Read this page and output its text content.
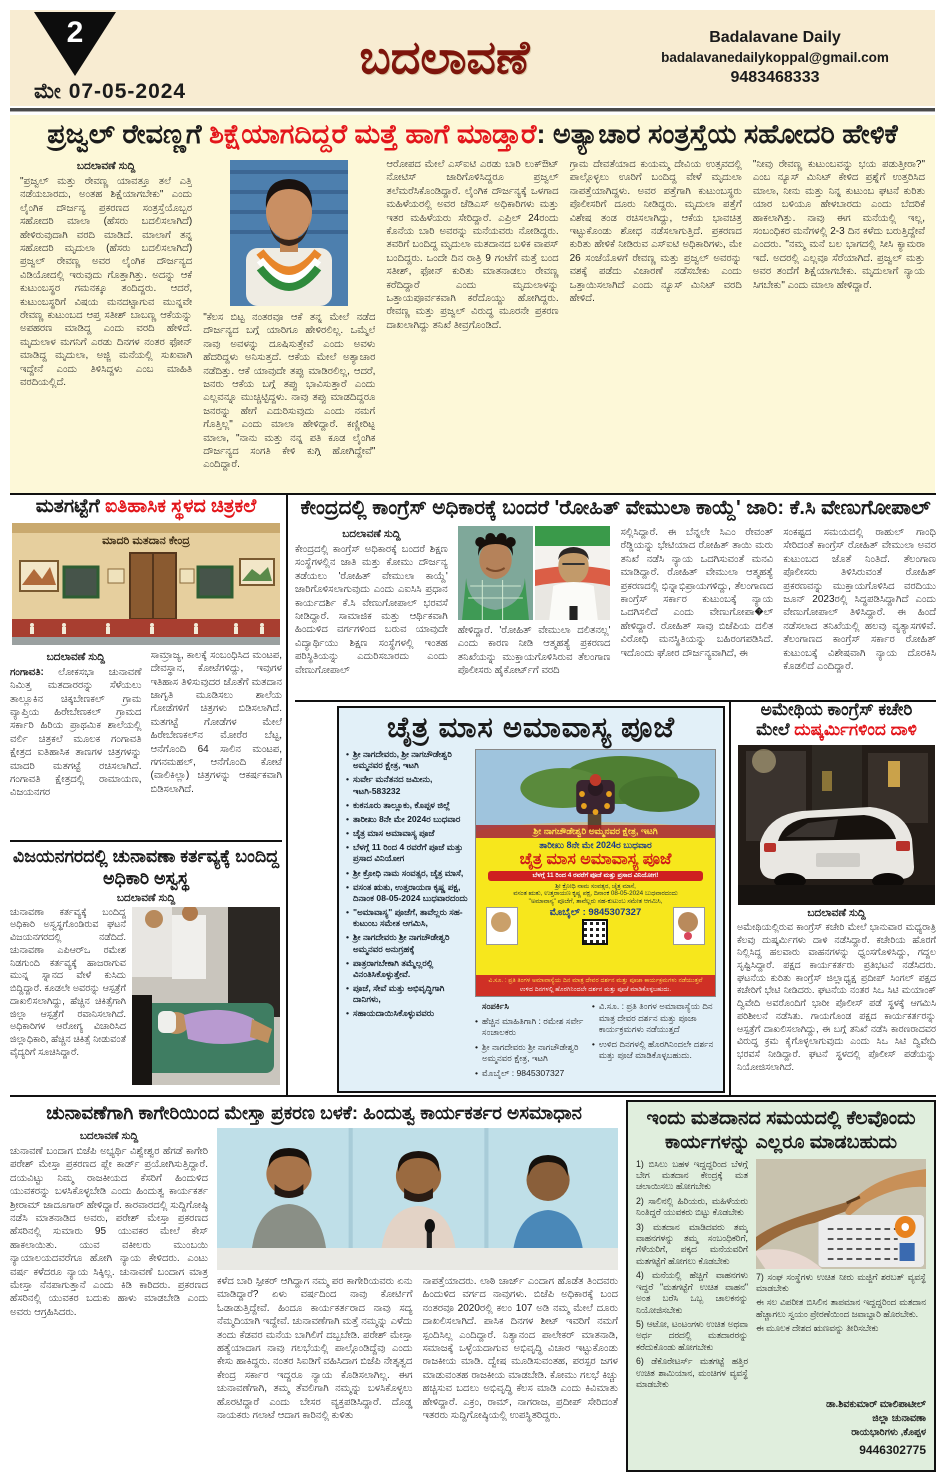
2
ಮೇ 07-05-2024
ಬದಲಾವಣೆ	Badalavane Daily
badalavanedailykoppal@gmail.com
9483468333
ಪ್ರಜ್ವಲ್ ರೇವಣ್ಣಗೆ ಶಿಕ್ಷೆಯಾಗದಿದ್ದರೆ ಮತ್ತೆ ಹಾಗೆ ಮಾಡ್ತಾರೆ: ಅತ್ಯಾಚಾರ ಸಂತ್ರಸ್ತೆಯ ಸಹೋದರಿ ಹೇಳಿಕೆ
ಬದಲಾವಣೆ ಸುದ್ದಿ
"ಪ್ರಜ್ವಲ್ ಮತ್ತು ರೇವಣ್ಣ ಯಾವತ್ತೂ ತಲೆ ಎತ್ತಿ ನಡೆಯಬಾರದು, ಅಂತಹ ಶಿಕ್ಷೆಯಾಗಬೇಕು" ಎಂದು ಲೈಂಗಿಕ ದೌರ್ಜನ್ಯ ಪ್ರಕರಣದ ಸಂತ್ರಸ್ತೆಯೊಬ್ಬರ ಸಹೋದರಿ ಮಾಲಾ (ಹೆಸರು ಬದಲಿಸಲಾಗಿದೆ) ಹೇಳಿರುವುದಾಗಿ ವರದಿ ಮಾಡಿದೆ. ಮಾಲಾಗೆ ತನ್ನ ಸಹೋದರಿ ಮೃದುಲಾ (ಹೆಸರು ಬದಲಿಸಲಾಗಿದೆ) ಪ್ರಜ್ವಲ್ ರೇವಣ್ಣ ಅವರ ಲೈಂಗಿಕ ದೌರ್ಜನ್ಯದ ವಿಡಿಯೋದಲ್ಲಿ ಇರುವುದು ಗೊತ್ತಾಗಿತ್ತು. ಅದನ್ನು ಆಕೆ ಕುಟುಂಬಸ್ಥರ ಗಮನಕ್ಕೂ ತಂದಿದ್ದರು. ಆದರೆ, ಕುಟುಂಬಸ್ಥರಿಗೆ ವಿಷಯ ಮನದಟ್ಟಾಗುವ ಮುನ್ನವೇ ರೇವಣ್ಣ ಕುಟುಂಬದ ಆಪ್ತ ಸತೀಶ್ ಬಾಬಣ್ಣ ಆಕೆಯನ್ನು ಅಪಹರಣ ಮಾಡಿದ್ದ ಎಂದು ವರದಿ ಹೇಳಿದೆ. ಮೃದುಲಾಳ ಮಗನಿಗೆ ಎರಡು ದಿನಗಳ ನಂತರ ಫೋನ್ ಮಾಡಿದ್ದ ಮೃದುಲಾ, ಅಜ್ಜಿ ಮನೆಯಲ್ಲಿ ಸುಖವಾಗಿ ಇದ್ದೇನೆ ಎಂದು ತಿಳಿಸಿದ್ದಳು ಎಂಬ ಮಾಹಿತಿ ವರದಿಯಲ್ಲಿದೆ.
"ಕೆಲಸ ಬಿಟ್ಟ ನಂತರವೂ ಆಕೆ ತನ್ನ ಮೇಲೆ ನಡೆದ ದೌರ್ಜನ್ಯದ ಬಗ್ಗೆ ಯಾರಿಗೂ ಹೇಳಿರಲಿಲ್ಲ. ಒಮ್ಮೆಲೆ ನಾವು ಅವಳನ್ನು ದೂಷಿಸುತ್ತೇವೆ ಎಂದು ಅವಳು ಹೆದರಿದ್ದಳು ಅನಿಸುತ್ತದೆ. ಆಕೆಯ ಮೇಲೆ ಅತ್ಯಾಚಾರ ನಡೆದಿತ್ತು. ಆಕೆ ಯಾವುದೇ ತಪ್ಪು ಮಾಡಿರಲಿಲ್ಲ, ಆದರೆ, ಜನರು ಆಕೆಯ ಬಗ್ಗೆ ತಪ್ಪು ಭಾವಿಸುತ್ತಾರೆ ಎಂದು ಎಲ್ಲವನ್ನೂ ಮುಚ್ಚಿಟ್ಟಿದ್ದಳು. ನಾವು ತಪ್ಪು ಮಾಡದಿದ್ದರೂ ಜನರನ್ನು ಹೇಗೆ ಎದುರಿಸುವುದು ಎಂದು ನಮಗೆ ಗೊತ್ತಿಲ್ಲ" ಎಂದು ಮಾಲಾ ಹೇಳಿದ್ದಾರೆ. ಕಣ್ಣೀರಿಟ್ಟ ಮಾಲಾ, "ನಾನು ಮತ್ತು ನನ್ನ ಪತಿ ಕೂಡ ಲೈಂಗಿಕ ದೌರ್ಜನ್ಯದ ಸಂಗತಿ ಕೇಳಿ ಕುಗ್ಗಿ ಹೋಗಿದ್ದೇವೆ" ಎಂದಿದ್ದಾರೆ.
ಆರೋಪದ ಮೇಲೆ ಎಸ್‌ಐಟಿ ಎರಡು ಬಾರಿ ಲುಕ್‌ಔಟ್ ನೋಟಿಸ್ ಜಾರಿಗೊಳಿಸಿದ್ದರೂ ಪ್ರಜ್ವಲ್ ತಲೆಮರೆಸಿಕೊಂಡಿದ್ದಾರೆ. ಲೈಂಗಿಕ ದೌರ್ಜನ್ಯಕ್ಕೆ ಒಳಗಾದ ಮಹಿಳೆಯರಲ್ಲಿ ಅವರ ಜೆಡಿಎಸ್ ಅಧಿಕಾರಿಗಳು ಮತ್ತು ಇತರ ಮಹಿಳೆಯರು ಸೇರಿದ್ದಾರೆ. ಎಪ್ರಿಲ್ 24ರಂದು ಕೊನೆಯ ಬಾರಿ ಅವರನ್ನು ಮನೆಯವರು ನೋಡಿದ್ದರು. ತವರಿಗೆ ಬಂದಿದ್ದ ಮೃದುಲಾ ಮತದಾನದ ಬಳಿಕ ವಾಪಸ್ ಬಂದಿದ್ದರು. ಒಂದೇ ದಿನ ರಾತ್ರಿ 9 ಗಂಟೆಗೆ ಮತ್ತೆ ಬಂದ ಸತೀಶ್, ಫೋನ್ ಕುರಿತು ಮಾತನಾಡಲು ರೇವಣ್ಣ ಕರೆದಿದ್ದಾರೆ ಎಂದು ಮೃದುಲಾಳನ್ನು ಒತ್ತಾಯಪೂರ್ವಕವಾಗಿ ಕರೆದೊಯ್ದು ಹೋಗಿದ್ದರು. ರೇವಣ್ಣ ಮತ್ತು ಪ್ರಜ್ವಲ್ ವಿರುದ್ಧ ಮೂರನೇ ಪ್ರಕರಣ ದಾಖಲಾಗಿದ್ದು ತನಿಖೆ ತೀವ್ರಗೊಂಡಿದೆ.
ಗ್ರಾಮ ದೇವತೆಯಾದ ಕುಯಮ್ಮ ದೇವಿಯ ಉತ್ಸವದಲ್ಲಿ ಪಾಲ್ಗೊಳ್ಳಲು ಊರಿಗೆ ಬಂದಿದ್ದ ವೇಳೆ ಮೃದುಲಾ ನಾಪತ್ತೆಯಾಗಿದ್ದಳು. ಅವರ ಪತ್ತೆಗಾಗಿ ಕುಟುಂಬಸ್ಥರು ಪೊಲೀಸರಿಗೆ ದೂರು ನೀಡಿದ್ದರು. ಮೃದುಲಾ ಪತ್ತೆಗೆ ವಿಶೇಷ ತಂಡ ರಚಿಸಲಾಗಿದ್ದು, ಆಕೆಯ ಭಾವಚಿತ್ರ ಇಟ್ಟುಕೊಂಡು ಶೋಧ ನಡೆಸಲಾಗುತ್ತಿದೆ. ಪ್ರಕರಣದ ಕುರಿತು ಹೇಳಿಕೆ ನೀಡಿರುವ ಎಸ್‌ಐಟಿ ಅಧಿಕಾರಿಗಳು, ಮೇ 26 ಸಂಜೆಯೊಳಗೆ ರೇವಣ್ಣ ಮತ್ತು ಪ್ರಜ್ವಲ್ ಅವರನ್ನು ವಶಕ್ಕೆ ಪಡೆದು ವಿಚಾರಣೆ ನಡೆಸಬೇಕು ಎಂದು ಒತ್ತಾಯಿಸಲಾಗಿದೆ ಎಂದು ನ್ಯೂಸ್ ಮಿನಿಟ್ ವರದಿ ಹೇಳಿದೆ.
"ನೀವು ರೇವಣ್ಣ ಕುಟುಂಬವನ್ನು ಭಯ ಪಡುತ್ತೀರಾ?" ಎಂಬ ನ್ಯೂಸ್ ಮಿನಿಟ್ ಕೇಳಿದ ಪ್ರಶ್ನೆಗೆ ಉತ್ತರಿಸಿದ ಮಾಲಾ, ನೀನು ಮತ್ತು ನಿನ್ನ ಕುಟುಂಬ ಘಟನೆ ಕುರಿತು ಯಾರ ಬಳಿಯೂ ಹೇಳಬಾರದು ಎಂದು ಬೆದರಿಕೆ ಹಾಕಲಾಗಿತ್ತು. ನಾವು ಈಗ ಮನೆಯಲ್ಲಿ ಇಲ್ಲ, ಸಂಬಂಧಿಕರ ಮನೆಗಳಲ್ಲಿ 2-3 ದಿನ ಕಳೆದು ಬರುತ್ತಿದ್ದೇವೆ ಎಂದರು. "ನಮ್ಮ ಮನೆ ಬಲ ಭಾಗದಲ್ಲಿ ಸೀಸಿ ಕ್ಯಾಮರಾ ಇದೆ. ಅದರಲ್ಲಿ ಎಲ್ಲವೂ ಸೆರೆಯಾಗಿದೆ. ಪ್ರಜ್ವಲ್ ಮತ್ತು ಅವರ ತಂದೆಗೆ ಶಿಕ್ಷೆಯಾಗಬೇಕು. ಮೃದುಲಾಗೆ ನ್ಯಾಯ ಸಿಗಬೇಕು" ಎಂದು ಮಾಲಾ ಹೇಳಿದ್ದಾರೆ.
ಮತಗಟ್ಟೆಗೆ ಐತಿಹಾಸಿಕ ಸ್ಥಳದ ಚಿತ್ರಕಲೆ
ಮಾದರಿ ಮತದಾನ ಕೇಂದ್ರ
ಬದಲಾವಣೆ ಸುದ್ದಿ
ಗಂಗಾವತಿ: ಲೋಕಸಭಾ ಚುನಾವಣೆ ನಿಮಿತ್ತ ಮತದಾರರನ್ನು ಸೆಳೆಯಲು ತಾಲ್ಲೂಕಿನ ಚಿಕ್ಕಬೇಣಕಲ್ ಗ್ರಾಮ ವ್ಯಾಪ್ತಿಯ ಹಿರೇಬೇಣಕಲ್ ಗ್ರಾಮದ ಸರ್ಕಾರಿ ಹಿರಿಯ ಪ್ರಾಥಮಿಕ ಶಾಲೆಯಲ್ಲಿ ವರ್ಲಿ ಚಿತ್ರಕಲೆ ಮೂಲಕ ಗಂಗಾವತಿ ಕ್ಷೇತ್ರದ ಐತಿಹಾಸಿಕ ತಾಣಗಳ ಚಿತ್ರಗಳನ್ನು ಮಾದರಿ ಮತಗಟ್ಟೆ ರಚಿಸಲಾಗಿದೆ. ಗಂಗಾವತಿ ಕ್ಷೇತ್ರದಲ್ಲಿ ರಾಮಾಯಣ, ವಿಜಯನಗರ
ಸಾಮ್ರಾಜ್ಯ, ಕಾಲಕ್ಕೆ ಸಂಬಂಧಿಸಿದ ಮಂಟಪ, ದೇವಸ್ಥಾನ, ಕೋಟೆಗಳಿದ್ದು, ಇವುಗಳ ಇತಿಹಾಸ ತಿಳಿಸುವುದರ ಜೊತೆಗೆ ಮತದಾನ ಜಾಗೃತಿ ಮೂಡಿಸಲು ಶಾಲೆಯ ಗೋಡೆಗಳಿಗೆ ಚಿತ್ರಗಳು ಬಿಡಿಸಲಾಗಿದೆ. ಮತಗಟ್ಟೆ ಗೋಡೆಗಳ ಮೇಲೆ ಹಿರೇಬೇಣಕಲ್‌ನ ಮೋರೆರ ಬೆಟ್ಟ, ಆನೆಗೊಂದಿ 64 ಸಾಲಿನ ಮಂಟಪ, ಗಗನಮಹಲ್, ಆನೆಗೊಂದಿ ಕೋಟೆ (ವಾಲಿಕಿಲ್ಲಾ) ಚಿತ್ರಗಳನ್ನು ಆಕರ್ಷಕವಾಗಿ ಬಿಡಿಸಲಾಗಿದೆ.
ವಿಜಯನಗರದಲ್ಲಿ ಚುನಾವಣಾ ಕರ್ತವ್ಯಕ್ಕೆ ಬಂದಿದ್ದ ಅಧಿಕಾರಿ ಅಸ್ವಸ್ಥ
ಬದಲಾವಣೆ ಸುದ್ದಿ
ಚುನಾವಣಾ ಕರ್ತವ್ಯಕ್ಕೆ ಬಂದಿದ್ದ ಅಧಿಕಾರಿ ಅಸ್ವಸ್ಥಗೊಂಡಿರುವ ಘಟನೆ ವಿಜಯನಗರದಲ್ಲಿ ನಡೆದಿದೆ. ಚುನಾವಣಾ ಎಪಿಆರ್‌ಒ ರಮೇಶ ನಿಡಗುಂದಿ ಕರ್ತವ್ಯಕ್ಕೆ ಹಾಜರಾಗುವ ಮುನ್ನ ಸ್ನಾನದ ವೇಳೆ ಕುಸಿದು ಬಿದ್ದಿದ್ದಾರೆ. ಕೂಡಲೇ ಅವರನ್ನು ಆಸ್ಪತ್ರೆಗೆ ದಾಖಲಿಸಲಾಗಿದ್ದು, ಹೆಚ್ಚಿನ ಚಿಕಿತ್ಸೆಗಾಗಿ ಜಿಲ್ಲಾ ಆಸ್ಪತ್ರೆಗೆ ರವಾನಿಸಲಾಗಿದೆ. ಅಧಿಕಾರಿಗಳ ಆರೋಗ್ಯ ವಿಚಾರಿಸಿದ ಜಿಲ್ಲಾಧಿಕಾರಿ, ಹೆಚ್ಚಿನ ಚಿಕಿತ್ಸೆ ನೀಡುವಂತೆ ವೈದ್ಯರಿಗೆ ಸೂಚಿಸಿದ್ದಾರೆ.
ಕೇಂದ್ರದಲ್ಲಿ ಕಾಂಗ್ರೆಸ್ ಅಧಿಕಾರಕ್ಕೆ ಬಂದರೆ 'ರೋಹಿತ್ ವೇಮುಲಾ ಕಾಯ್ದೆ' ಜಾರಿ: ಕೆ.ಸಿ ವೇಣುಗೋಪಾಲ್
ಬದಲಾವಣೆ ಸುದ್ದಿ
ಕೇಂದ್ರದಲ್ಲಿ ಕಾಂಗ್ರೆಸ್ ಅಧಿಕಾರಕ್ಕೆ ಬಂದರೆ ಶಿಕ್ಷಣ ಸಂಸ್ಥೆಗಳಲ್ಲಿನ ಜಾತಿ ಮತ್ತು ಕೋಮು ದೌರ್ಜನ್ಯ ತಡೆಯಲು 'ರೋಹಿತ್ ವೇಮುಲಾ ಕಾಯ್ದೆ' ಜಾರಿಗೊಳಿಸಲಾಗುವುದು ಎಂದು ಎಐಸಿಸಿ ಪ್ರಧಾನ ಕಾರ್ಯದರ್ಶಿ ಕೆ.ಸಿ ವೇಣುಗೋಪಾಲ್ ಭರವಸೆ ನೀಡಿದ್ದಾರೆ. ಸಾಮಾಜಿಕ ಮತ್ತು ಆರ್ಥಿಕವಾಗಿ ಹಿಂದುಳಿದ ವರ್ಗಗಳಿಂದ ಬರುವ ಯಾವುದೇ ವಿದ್ಯಾರ್ಥಿಯು ಶಿಕ್ಷಣ ಸಂಸ್ಥೆಗಳಲ್ಲಿ ಇಂತಹ ಪರಿಸ್ಥಿತಿಯನ್ನು ಎದುರಿಸಬಾರದು ಎಂದು ವೇಣುಗೋಪಾಲ್
ಹೇಳಿದ್ದಾರೆ. 'ರೋಹಿತ್ ವೇಮುಲಾ ದಲಿತನಲ್ಲ' ಎಂದು ಕಾರಣ ನೀಡಿ ಆತ್ಮಹತ್ಯೆ ಪ್ರಕರಣದ ತನಿಖೆಯನ್ನು ಮುಕ್ತಾಯಗೊಳಿಸಿರುವ ತೆಲಂಗಾಣ ಪೊಲೀಸರು ಹೈಕೋರ್ಟ್‌ಗೆ ವರದಿ
ಸಲ್ಲಿಸಿದ್ದಾರೆ. ಈ ಬೆನ್ನಲೇ ಸಿಎಂ ರೇವಂತ್ ರೆಡ್ಡಿಯನ್ನು ಭೇಟಿಯಾದ ರೋಹಿತ್ ತಾಯಿ ಮರು ತನಿಖೆ ನಡೆಸಿ ನ್ಯಾಯ ಒದಗಿಸುವಂತೆ ಮನವಿ ಮಾಡಿದ್ದಾರೆ. ರೋಹಿತ್ ವೇಮುಲಾ ಆತ್ಮಹತ್ಯೆ ಪ್ರಕರಣದಲ್ಲಿ ಭಿನ್ನಾಭಿಪ್ರಾಯಗಳಿದ್ದು, ತೆಲಂಗಾಣದ ಕಾಂಗ್ರೆಸ್ ಸರ್ಕಾರ ಕುಟುಂಬಕ್ಕೆ ನ್ಯಾಯ ಒದಗಿಸಲಿದೆ ಎಂದು ವೇಣುಗೋಪಾ�ಲ್ ಹೇಳಿದ್ದಾರೆ. ರೋಹಿತ್ ಸಾವು ಬಿಜೆಪಿಯ ದಲಿತ ವಿರೋಧಿ ಮನಸ್ಥಿತಿಯನ್ನು ಬಹಿರಂಗಪಡಿಸಿದೆ. ಇದೊಂದು ಘೋರ ದೌರ್ಜನ್ಯವಾಗಿದೆ, ಈ
ಸಂಕಷ್ಟದ ಸಮಯದಲ್ಲಿ ರಾಹುಲ್ ಗಾಂಧಿ ಸೇರಿದಂತೆ ಕಾಂಗ್ರೆಸ್ ರೋಹಿತ್ ವೇಮುಲಾ ಅವರ ಕುಟುಂಬದ ಜೊತೆ ನಿಂತಿದೆ. ತೆಲಂಗಾಣ ಪೊಲೀಸರು ತಿಳಿಸಿರುವಂತೆ ರೋಹಿತ್ ಪ್ರಕರಣವನ್ನು ಮುಕ್ತಾಯಗೊಳಿಸಿದ ವರದಿಯು ಜೂನ್ 2023ರಲ್ಲಿ ಸಿದ್ಧಪಡಿಸಿದ್ದಾಗಿದೆ ಎಂದು ವೇಣುಗೋಪಾಲ್ ತಿಳಿಸಿದ್ದಾರೆ. ಈ ಹಿಂದೆ ನಡೆಸಲಾದ ತನಿಖೆಯಲ್ಲಿ ಹಲವು ವ್ಯತ್ಯಾಸಗಳಿವೆ. ತೆಲಂಗಾಣದ ಕಾಂಗ್ರೆಸ್ ಸರ್ಕಾರ ರೋಹಿತ್ ಕುಟುಂಬಕ್ಕೆ ವಿಶೇಷವಾಗಿ ನ್ಯಾಯ ದೊರಕಿಸಿ ಕೊಡಲಿದೆ ಎಂದಿದ್ದಾರೆ.
ಚೈತ್ರ ಮಾಸ ಅಮಾವಾಸ್ಯ ಪೂಜೆ
• ಶ್ರೀ ನಾಗದೇವರು, ಶ್ರೀ ನಾಗಚೌಡೇಶ್ವರಿ ಅಮ್ಮನವರ ಕ್ಷೇತ್ರ, ಇಟಗಿ
• ಸುರ್ವೇ ಮನೆತನದ ಜಮೀನು, ಇಟಗಿ-583232
• ಕುಕನೂರು ತಾಲ್ಲೂಕು, ಕೊಪ್ಪಳ ಜಿಲ್ಲೆ
• ತಾರೀಖು 8ನೇ ಮೇ 2024ರ ಬುಧವಾರ
• ಚೈತ್ರ ಮಾಸ ಅಮಾವಾಸ್ಯ ಪೂಜೆ
• ಬೆಳಗ್ಗೆ 11 ರಿಂದ 4 ರವರೆಗೆ ಪೂಜೆ ಮತ್ತು ಪ್ರಸಾದ ವಿನಿಯೋಗ
• ಶ್ರೀ ಕ್ರೋಧಿ ನಾಮ ಸಂವತ್ಸರ, ಚೈತ್ರ ಮಾಸೆ,
• ವಸಂತ ಋತು, ಉತ್ತರಾಯಣ ಕೃಷ್ಣ ಪಕ್ಷ, ದಿನಾಂಕ 08-05-2024 ಬುಧವಾರದಂದು
• "ಅಮಾವಾಸ್ಯ" ಪೂಜೆಗೆ, ತಾವೆಲ್ಲರು ಸಹ-ಕುಟುಂಬ ಸಮೇತ ಆಗಮಿಸಿ,
• ಶ್ರೀ ನಾಗದೇವರು ಶ್ರೀ ನಾಗಚೌಡೇಶ್ವರಿ ಅಮ್ಮನವರ ಅನುಗ್ರಹಕ್ಕೆ
• ಪಾತ್ರರಾಗಬೇಕಾಗಿ ತಮ್ಮೆಲ್ಲರಲ್ಲಿ ವಿನಂತಿಸಿಕೊಳ್ಳುತ್ತೇವೆ.
• ಪೂಜೆ, ಸೇವೆ ಮತ್ತು ಅಭಿವೃದ್ಧಿಗಾಗಿ ದಾನಿಗಳು,
• ಸಹಾಯದಾಯಿಸಿಕೊಳ್ಳುವವರು
ಶ್ರೀ ನಾಗಚೌಡೇಶ್ವರಿ ಅಮ್ಮನವರ ಕ್ಷೇತ್ರ, ಇಟಗಿ
ತಾರೀಖು 8ನೇ ಮೇ 2024ರ ಬುಧವಾರ
ಚೈತ್ರ ಮಾಸ ಅಮಾವಾಸ್ಯ ಪೂಜೆ
ಬೆಳಗ್ಗೆ 11 ರಿಂದ 4 ರವರೆಗೆ ಪೂಜೆ ಮತ್ತು ಪ್ರಸಾದ ವಿನಿಯೋಗ!
ಶ್ರೀ ಕ್ರೋಧಿ ನಾಮ ಸಂವತ್ಸರ, ಚೈತ್ರ ಮಾಸೆ,
ವಸಂತ ಋತು, ಉತ್ತರಾಯಣ ಕೃಷ್ಣ ಪಕ್ಷ, ದಿನಾಂಕ 08-05-2024 ಬುಧವಾರದಂದು
"ಅಮಾವಾಸ್ಯ" ಪೂಜೆಗೆ, ತಾವೆಲ್ಲರು ಸಹ-ಕುಟುಂಬ ಸಮೇತ ಆಗಮಿಸಿ,
ಮೊಬೈಲ್ : 9845307327
ವಿ.ಸೂ. : ಪ್ರತಿ ತಿಂಗಳ ಅಮಾವಾಸ್ಯೆಯ ದಿನ ಮಾತ್ರ ದೇವರ ದರ್ಶನ ಮತ್ತು ಪೂಜಾ ಕಾರ್ಯಕ್ರಮಗಳು ನಡೆಯುತ್ತವೆ
ಉಳಿದ ದಿನಗಳಲ್ಲಿ ಹೊರಗಿನಿಂದಲೇ ದರ್ಶನ ಮತ್ತು ಪೂಜೆ ಮಾಡಿಕೊಳ್ಳಬಹುದು.
ಸಂಪರ್ಕಿಸಿ
• ಹೆಚ್ಚಿನ ಮಾಹಿತಿಗಾಗಿ : ರಮೇಶ ಸರ್ವೇ ಸಂಚಾಲಕರು
• ಶ್ರೀ ನಾಗದೇವರು ಶ್ರೀ ನಾಗಚೌಡೇಶ್ವರಿ ಅಮ್ಮನವರ ಕ್ಷೇತ್ರ, ಇಟಗಿ
• ಮೊಬೈಲ್ : 9845307327
• ವಿ.ಸೂ. : ಪ್ರತಿ ತಿಂಗಳ ಅಮಾವಾಸ್ಯೆಯ ದಿನ ಮಾತ್ರ ದೇವರ ದರ್ಶನ ಮತ್ತು ಪೂಜಾ ಕಾರ್ಯಕ್ರಮಗಳು ನಡೆಯುತ್ತದೆ
• ಉಳಿದ ದಿನಗಳಲ್ಲಿ ಹೊರಗಿನಿಂದಲೇ ದರ್ಶನ ಮತ್ತು ಪೂಜೆ ಮಾಡಿಕೊಳ್ಳಬಹುದು.
ಅಮೇಥಿಯ ಕಾಂಗ್ರೆಸ್ ಕಚೇರಿ
ಮೇಲೆ ದುಷ್ಕರ್ಮಿಗಳಿಂದ ದಾಳಿ
ಬದಲಾವಣೆ ಸುದ್ದಿ
ಅಮೇಥಿಯಲ್ಲಿರುವ ಕಾಂಗ್ರೆಸ್ ಕಚೇರಿ ಮೇಲೆ ಭಾನುವಾರ ಮಧ್ಯರಾತ್ರಿ ಕೆಲವು ದುಷ್ಕರ್ಮಿಗಳು ದಾಳಿ ನಡೆಸಿದ್ದಾರೆ. ಕಚೇರಿಯ ಹೊರಗೆ ನಿಲ್ಲಿಸಿದ್ದ ಹಲವಾರು ವಾಹನಗಳನ್ನು ಧ್ವಂಸಗೊಳಿಸಿದ್ದು, ಗದ್ದಲ ಸೃಷ್ಟಿಸಿದ್ದಾರೆ. ಪಕ್ಷದ ಕಾರ್ಯಕರ್ತರು ಪ್ರತಿಭಟನೆ ನಡೆಸಿದರು. ಘಟನೆಯ ಕುರಿತು ಕಾಂಗ್ರೆಸ್ ಜಿಲ್ಲಾಧ್ಯಕ್ಷ ಪ್ರದೀಪ್ ಸಿಂಗಲ್ ಪಕ್ಷದ ಕಚೇರಿಗೆ ಭೇಟಿ ನೀಡಿದರು. ಘಟನೆಯ ನಂತರ ಸಿಒ ಸಿಟಿ ಮಯಾಂಕ್ ದ್ವಿವೇದಿ ಅವರೊಂದಿಗೆ ಭಾರೀ ಪೊಲೀಸ್ ಪಡೆ ಸ್ಥಳಕ್ಕೆ ಆಗಮಿಸಿ ಪರಿಶೀಲನೆ ನಡೆಸಿತು. ಗಾಯಗೊಂಡ ಪಕ್ಷದ ಕಾರ್ಯಕರ್ತರನ್ನು ಆಸ್ಪತ್ರೆಗೆ ದಾಖಲಿಸಲಾಗಿದ್ದು, ಈ ಬಗ್ಗೆ ತನಿಖೆ ನಡೆಸಿ ಕಾರಣರಾದವರ ವಿರುದ್ಧ ಕ್ರಮ ಕೈಗೊಳ್ಳಲಾಗುವುದು ಎಂದು ಸಿಒ ಸಿಟಿ ದ್ವಿವೇದಿ ಭರವಸೆ ನೀಡಿದ್ದಾರೆ. ಘಟನೆ ಸ್ಥಳದಲ್ಲಿ ಪೊಲೀಸ್ ಪಡೆಯನ್ನು ನಿಯೋಜಿಸಲಾಗಿದೆ.
ಚುನಾವಣೆಗಾಗಿ ಕಾಗೇರಿಯಿಂದ ಮೇಸ್ತಾ ಪ್ರಕರಣ ಬಳಕೆ: ಹಿಂದುತ್ವ ಕಾರ್ಯಕರ್ತರ ಅಸಮಾಧಾನ
ಬದಲಾವಣೆ ಸುದ್ದಿ
ಚುನಾವಣೆ ಬಂದಾಗ ಬಿಜೆಪಿ ಅಭ್ಯರ್ಥಿ ವಿಶ್ವೇಶ್ವರ ಹೆಗಡೆ ಕಾಗೇರಿ ಪರೇಶ್ ಮೇಸ್ತಾ ಪ್ರಕರಣದ ಪ್ಲೇ ಕಾರ್ಡ್ ಪ್ರಯೋಗಿಸುತ್ತಿದ್ದಾರೆ. ದಯವಿಟ್ಟು ನಿಮ್ಮ ರಾಜಕೀಯದ ಕೆಸರಿಗೆ ಹಿಂದುಳಿದ ಯುವಕರನ್ನು ಬಳಸಿಕೊಳ್ಳಬೇಡಿ ಎಂದು ಹಿಂದುತ್ವ ಕಾರ್ಯಕರ್ತ ಶ್ರೀರಾಮ್ ಜಾದೂಗಾರ್ ಹೇಳಿದ್ದಾರೆ. ಕಾರವಾರದಲ್ಲಿ ಸುದ್ದಿಗೋಷ್ಠಿ ನಡೆಸಿ ಮಾತನಾಡಿದ ಅವರು, ಪರೇಶ್ ಮೇಸ್ತಾ ಪ್ರಕರಣದ ಹೆಸರಿನಲ್ಲಿ ಸುಮಾರು 95 ಯುವಕರ ಮೇಲೆ ಕೇಸ್ ಹಾಕಲಾಯಿತು. ಯುವ ವಕೀಲರು ಮುಂಬಯಿ ನ್ಯಾಯಾಲಯದವರೆಗೂ ಹೋಗಿ ನ್ಯಾಯ ಕೇಳಿದರು. ಎಂಟು ವರ್ಷ ಕಳೆದರೂ ನ್ಯಾಯ ಸಿಕ್ಕಿಲ್ಲ. ಚುನಾವಣೆ ಬಂದಾಗ ಮಾತ್ರ ಮೇಸ್ತಾ ನೆನಪಾಗುತ್ತಾನೆ ಎಂದು ಕಿಡಿ ಕಾರಿದರು. ಪ್ರಕರಣದ ಹೆಸರಿನಲ್ಲಿ ಯುವಕರ ಬದುಕು ಹಾಳು ಮಾಡಬೇಡಿ ಎಂದು ಅವರು ಆಗ್ರಹಿಸಿದರು.
ಕಳೆದ ಬಾರಿ ಸ್ಪೀಕರ್ ಆಗಿದ್ದಾಗ ನಮ್ಮ ಪರ ಕಾಗೇರಿಯವರು ಏನು ಮಾಡಿದ್ದಾರೆ? ಏಳು ವರ್ಷದಿಂದ ನಾವು ಕೋರ್ಟಿಗೆ ಓಡಾಡುತ್ತಿದ್ದೇವೆ. ಹಿಂದೂ ಕಾರ್ಯಕರ್ತರಾದ ನಾವು ಸದ್ಯ ನೆಮ್ಮದಿಯಾಗಿ ಇದ್ದೇವೆ. ಚುನಾವಣೆಗಾಗಿ ಮತ್ತೆ ನಮ್ಮನ್ನು ಎಳೆದು ತಂದು ಕೆಡವರ ಮನೆಯ ಬಾಗಿಲಿಗೆ ದಬ್ಬಬೇಡಿ. ಪರೇಶ್ ಮೇಸ್ತಾ ಹತ್ಯೆಯಾದಾಗ ನಾವು ಗಲಭೆಯಲ್ಲಿ ಪಾಲ್ಗೊಂಡಿದ್ದೆವು ಎಂದು ಕೇಸು ಹಾಕಿದ್ದರು. ನಂತರ ಸಿಐಡಿಗೆ ವಹಿಸಿದಾಗ ಬಿಜೆಪಿ ನೇತೃತ್ವದ ಕೇಂದ್ರ ಸರ್ಕಾರ ಇದ್ದರೂ ನ್ಯಾಯ ಕೊಡಿಸಲಾಗಿಲ್ಲ. ಈಗ ಚುನಾವಣೆಗಾಗಿ, ತಮ್ಮ ತೆವಲಿಗಾಗಿ ನಮ್ಮನ್ನು ಬಳಸಿಕೊಳ್ಳಲು ಹೊರಟಿದ್ದಾರೆ ಎಂದು ಬೇಸರ ವ್ಯಕ್ತಪಡಿಸಿದ್ದಾರೆ. ದೊಡ್ಡ ನಾಯಕರು ಗಲಾಟೆ ಆದಾಗ ಕಾರಿನಲ್ಲಿ ಕುಳಿತು
ನಾಪತ್ತೆಯಾದರು. ಲಾಠಿ ಚಾರ್ಜ್ ಎಂದಾಗ ಹೊಡೆತ ತಿಂದವರು ಹಿಂದುಳಿದ ವರ್ಗದ ನಾವುಗಳು. ಬಿಜೆಪಿ ಅಧಿಕಾರಕ್ಕೆ ಬಂದ ನಂತರವೂ 2020ರಲ್ಲಿ ಕಲಂ 107 ಅಡಿ ನಮ್ಮ ಮೇಲೆ ದೂರು ದಾಖಲಿಸಲಾಗಿದೆ. ಪಾಸಿಕ ದಿನಗಳ ಶೀಟ್ ಇವರಿಗೆ ನಮಗೆ ಸ್ಪಂದಿಸಿಲ್ಲ ಎಂದಿದ್ದಾರೆ. ನಿತ್ಯಾನಂದ ಪಾಲೇಕರ್ ಮಾತನಾಡಿ, ಸಮಾಜಕ್ಕೆ ಒಳ್ಳೆಯದಾಗುವ ಅಭಿವೃದ್ಧಿ ವಿಚಾರ ಇಟ್ಟುಕೊಂಡು ರಾಜಕೀಯ ಮಾಡಿ. ದ್ವೇಷ ಮೂಡಿಸುವಂತಹ, ಪರಸ್ಪರ ಜಗಳ ಮಾಡುವಂತಹ ರಾಜಕೀಯ ಮಾಡಬೇಡಿ. ಕೋಮು ಗಲಭೆ ಕಿಚ್ಚು ಹಚ್ಚಿಸುವ ಬದಲು ಅಭಿವೃದ್ಧಿ ಕೆಲಸ ಮಾಡಿ ಎಂದು ಕಿವಿಮಾತು ಹೇಳಿದ್ದಾರೆ. ಎಕ್ರಂ, ರಾಮ್, ನಾಗರಾಜ, ಪ್ರದೀಪ್ ಸೇರಿದಂತೆ ಇತರರು ಸುದ್ದಿಗೋಷ್ಠಿಯಲ್ಲಿ ಉಪಸ್ಥಿತರಿದ್ದರು.
ಇಂದು ಮತದಾನದ ಸಮಯದಲ್ಲಿ ಕೆಲವೊಂದು
ಕಾರ್ಯಗಳನ್ನು ಎಲ್ಲರೂ ಮಾಡಬಹುದು
1) ಬಿಸಿಲು ಬಹಳ ಇದ್ದದ್ದರಿಂದ ಬೆಳಗ್ಗೆ ಬೇಗ ಮತದಾನ ಕೇಂದ್ರಕ್ಕೆ ಮತ ಚಲಾಯಿಸಲು ಹೋಗಬೇಕು
2) ಸಾಲಿನಲ್ಲಿ ಹಿರಿಯರು, ಮಹಿಳೆಯರು ನಿಂತಿದ್ದರೆ ಯುವಕರು ಬಿಟ್ಟು ಕೊಡಬೇಕು
3) ಮತದಾನ ಮಾಡಿದವರು ತಮ್ಮ ವಾಹನಗಳನ್ನು ತಮ್ಮ ಸಂಬಂಧಿಕರಿಗೆ, ಗೆಳೆಯರಿಗೆ, ಪಕ್ಕದ ಮನೆಯವರಿಗೆ ಮತಗಟ್ಟೆಗೆ ಹೋಗಲು ಕೊಡಬೇಕು
4) ಮನೆಯಲ್ಲಿ ಹೆಚ್ಚಿಗೆ ವಾಹನಗಳು ಇದ್ದರೆ "ಮತಗಟ್ಟೆಗೆ ಉಚಿತ ವಾಹನ" ಅಂತ ಬರೆಸಿ ಒಬ್ಬ ಚಾಲಕನನ್ನು ನಿಯೋಜಿಸಬೇಕು
5) ಆಟೋ, ಟಂಟಂಗಳು ಉಚಿತ ಅಥವಾ ಅರ್ಧ ದರದಲ್ಲಿ ಮತದಾರರನ್ನು ಕರೆದುಕೊಂಡು ಹೋಗಬೇಕು
6) ಡೆಕೊರೇಟರ್ಸ್ ಮತಗಟ್ಟೆ ಹತ್ತಿರ ಉಚಿತ ಶಾಮಿಯಾನ, ಮಂಚಿಗಳ ವ್ಯವಸ್ಥೆ ಮಾಡಬೇಕು
7) ಸಂಘ ಸಂಸ್ಥೆಗಳು ಉಚಿತ ನೀರು ಮಜ್ಜಿಗೆ ಶರಬತ್ ವ್ಯವಸ್ಥೆ ಮಾಡಬೇಕು
ಈ ಸಲ ವಿಪರೀತ ಬಿಸಿಲಿನ ತಾಪಮಾನ ಇದ್ದದ್ದರಿಂದ ಮತದಾನ ಹೆಚ್ಚಾಗಲು ಸ್ವಯಂ ಪ್ರೇರಣೆಯಿಂದ ಜವಾಬ್ದಾರಿ ಹೊರಬೇಕು.
ಈ ಮೂಲಕ ದೇಶದ ಋಣವನ್ನು ತೀರಿಸಬೇಕು
ಡಾ.ಶಿವಕುಮಾರ್ ಮಾಲಿಪಾಟೀಲ್
ಜಿಲ್ಲಾ ಚುನಾವಣಾ
ರಾಯಭಾರಿಗಳು ,ಕೊಪ್ಪಳ
9446302775
